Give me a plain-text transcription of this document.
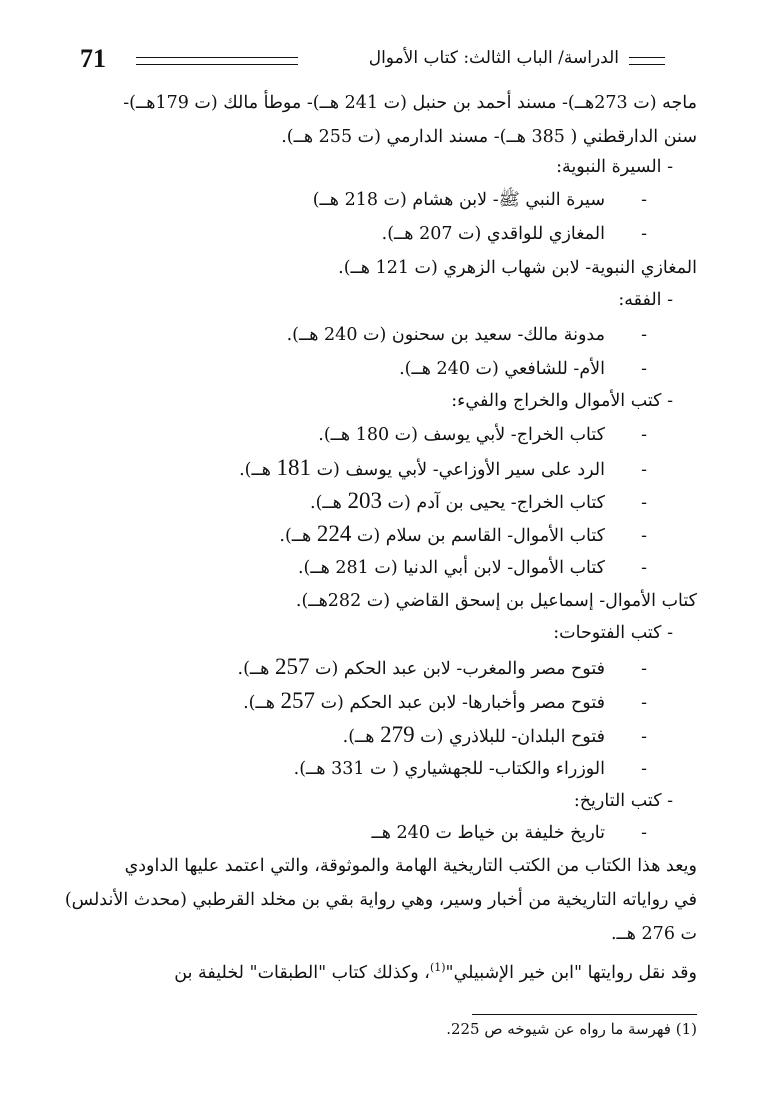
71	الدراسة/ الباب الثالث: كتاب الأموال
ماجه (ت 273هــ)- مسند أحمد بن حنبل (ت 241 هــ)- موطأ مالك (ت 179هــ)-
سنن الدارقطني ( 385 هــ)- مسند الدارمي (ت 255 هــ).
- السيرة النبوية:
-سيرة النبي ﷺ- لابن هشام (ت 218 هــ)
-المغازي للواقدي (ت 207 هــ).
المغازي النبوية- لابن شهاب الزهري (ت 121 هــ).
- الفقه:
-مدونة مالك- سعيد بن سحنون (ت 240 هــ).
-الأم- للشافعي (ت 240 هــ).
- كتب الأموال والخراج والفيء:
-كتاب الخراج- لأبي يوسف (ت 180 هــ).
-الرد على سير الأوزاعي- لأبي يوسف (ت 181 هــ).
-كتاب الخراج- يحيى بن آدم (ت 203 هــ).
-كتاب الأموال- القاسم بن سلام (ت 224 هــ).
-كتاب الأموال- لابن أبي الدنيا (ت 281 هــ).
كتاب الأموال- إسماعيل بن إسحق القاضي (ت 282هــ).
- كتب الفتوحات:
-فتوح مصر والمغرب- لابن عبد الحكم (ت 257 هــ).
-فتوح مصر وأخبارها- لابن عبد الحكم (ت 257 هــ).
-فتوح البلدان- للبلاذري (ت 279 هــ).
-الوزراء والكتاب- للجهشياري ( ت 331 هــ).
- كتب التاريخ:
-تاريخ خليفة بن خياط ت 240 هــ
ويعد هذا الكتاب من الكتب التاريخية الهامة والموثوقة، والتي اعتمد عليها الداودي
في رواياته التاريخية من أخبار وسير، وهي رواية بقي بن مخلد القرطبي (محدث الأندلس)
ت 276 هــ.
وقد نقل روايتها "ابن خير الإشبيلي"$^{(1)}$، وكذلك كتاب "الطبقات" لخليفة بن
(1) فهرسة ما رواه عن شيوخه ص 225.
